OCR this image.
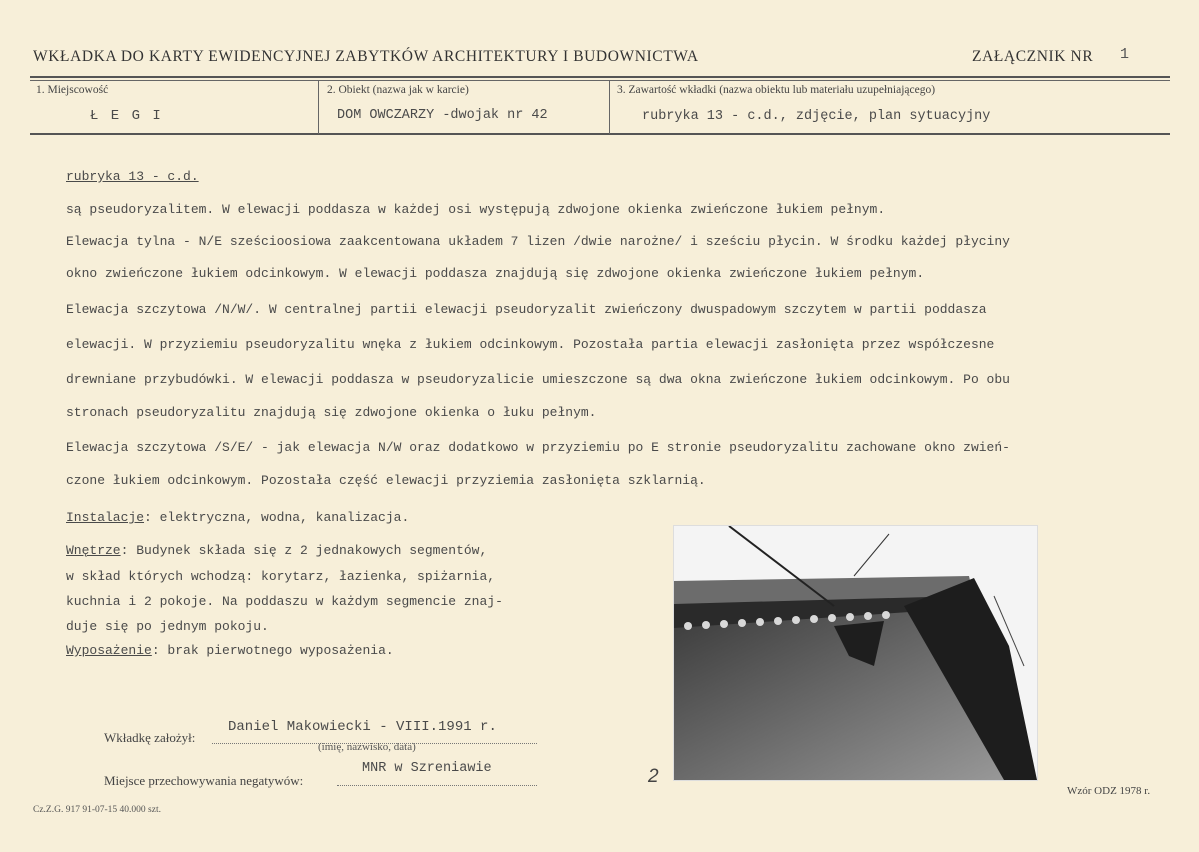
WKŁADKA DO KARTY EWIDENCYJNEJ ZABYTKÓW ARCHITEKTURY I BUDOWNICTWA	ZAŁĄCZNIK NR 1
1. Miejscowość
Ł E G I
2. Obiekt (nazwa jak w karcie)
DOM OWCZARZY -dwojak nr 42
3. Zawartość wkładki (nazwa obiektu lub materiału uzupełniającego)
rubryka 13 - c.d., zdjęcie, plan sytuacyjny
rubryka 13 - c.d.
są pseudoryzalitem. W elewacji poddasza w każdej osi występują zdwojone okienka zwieńczone łukiem pełnym.
Elewacja tylna - N/E sześcioosiowa zaakcentowana układem 7 lizen /dwie narożne/ i sześciu płycin. W środku każdej płyciny
okno zwieńczone łukiem odcinkowym. W elewacji poddasza znajdują się zdwojone okienka zwieńczone łukiem pełnym.
Elewacja szczytowa /N/W/. W centralnej partii elewacji pseudoryzalit zwieńczony dwuspadowym szczytem w partii poddasza
elewacji. W przyziemiu pseudoryzalitu wnęka z łukiem odcinkowym. Pozostała partia elewacji zasłonięta przez współczesne
drewniane przybudówki. W elewacji poddasza w pseudoryzalicie umieszczone są dwa okna zwieńczone łukiem odcinkowym. Po obu
stronach pseudoryzalitu znajdują się zdwojone okienka o łuku pełnym.
Elewacja szczytowa /S/E/ - jak elewacja N/W oraz dodatkowo w przyziemiu po E stronie pseudoryzalitu zachowane okno zwień-
czone łukiem odcinkowym. Pozostała część elewacji przyziemia zasłonięta szklarnią.
Instalacje: elektryczna, wodna, kanalizacja.
Wnętrze: Budynek składa się z 2 jednakowych segmentów,
w skład których wchodzą: korytarz, łazienka, spiżarnia,
kuchnia i 2 pokoje. Na poddaszu w każdym segmencie znaj-
duje się po jednym pokoju.
Wyposażenie: brak pierwotnego wyposażenia.
Wkładkę założył:
Daniel Makowiecki - VIII.1991 r.
(imię, nazwisko, data)
Miejsce przechowywania negatywów:
MNR w Szreniawie	2
Cz.Z.G. 917 91-07-15 40.000 szt.
Wzór ODZ 1978 r.
